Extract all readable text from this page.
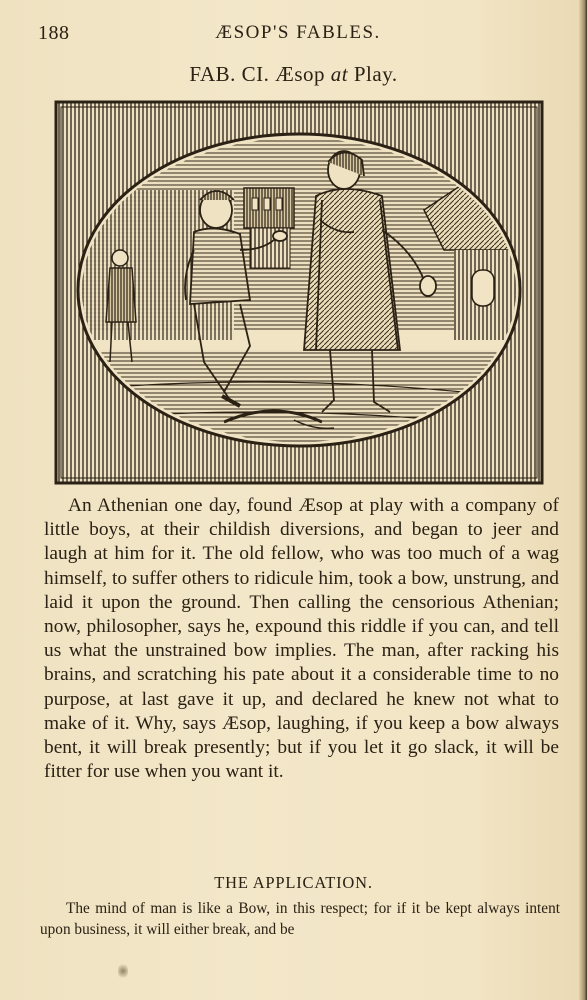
188	ÆSOP'S FABLES.
FAB. CI. Æsop at Play.

An Athenian one day, found Æsop at play with a company of little boys, at their childish diversions, and began to jeer and laugh at him for it. The old fellow, who was too much of a wag himself, to suffer others to ridicule him, took a bow, unstrung, and laid it upon the ground. Then calling the censorious Athenian; now, philosopher, says he, expound this riddle if you can, and tell us what the unstrained bow implies. The man, after racking his brains, and scratching his pate about it a considerable time to no purpose, at last gave it up, and declared he knew not what to make of it. Why, says Æsop, laughing, if you keep a bow always bent, it will break presently; but if you let it go slack, it will be fitter for use when you want it.

THE APPLICATION.

The mind of man is like a Bow, in this respect; for if it be kept always intent upon business, it will either break, and be
